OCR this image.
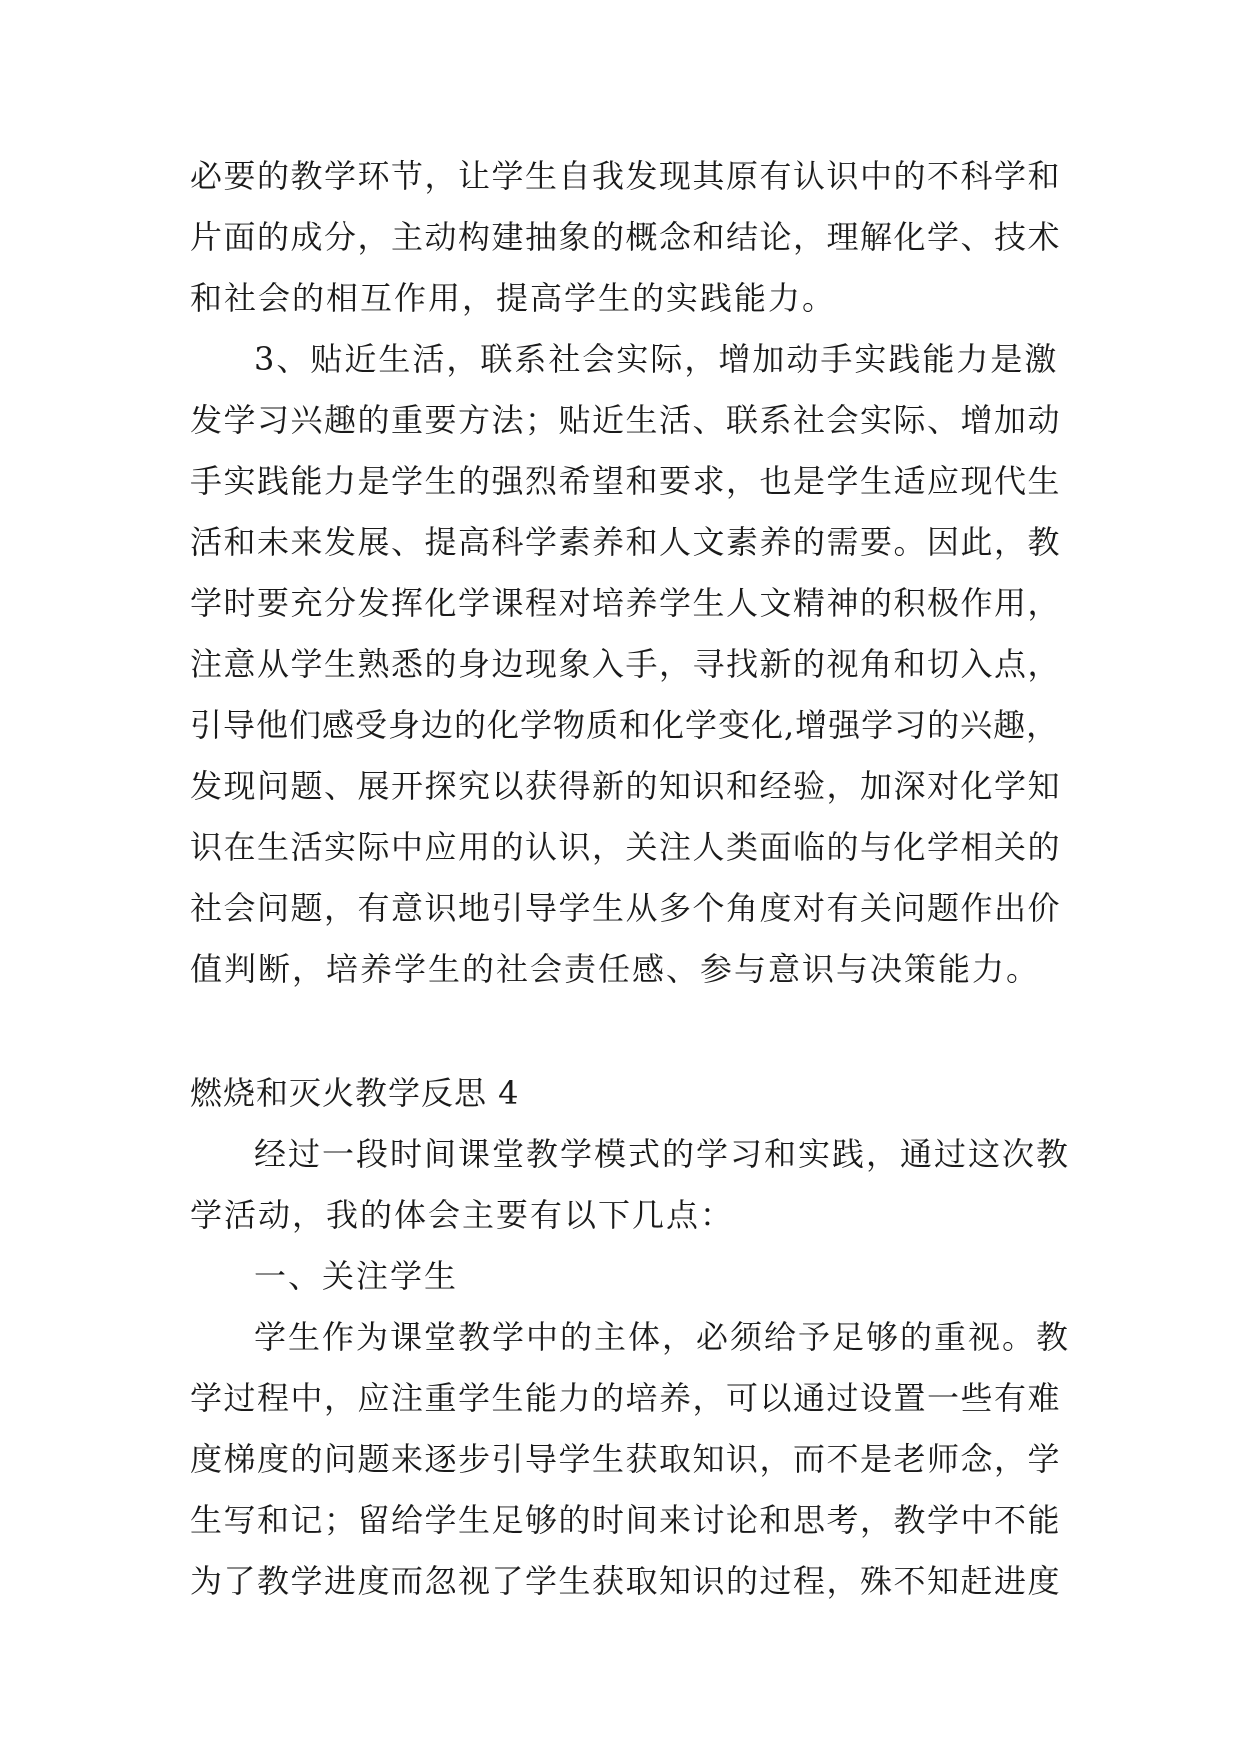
必要的教学环节，让学生自我发现其原有认识中的不科学和
片面的成分，主动构建抽象的概念和结论，理解化学、技术
和社会的相互作用，提高学生的实践能力。
3、贴近生活，联系社会实际，增加动手实践能力是激
发学习兴趣的重要方法；贴近生活、联系社会实际、增加动
手实践能力是学生的强烈希望和要求，也是学生适应现代生
活和未来发展、提高科学素养和人文素养的需要。因此，教
学时要充分发挥化学课程对培养学生人文精神的积极作用，
注意从学生熟悉的身边现象入手，寻找新的视角和切入点，
引导他们感受身边的化学物质和化学变化,增强学习的兴趣，
发现问题、展开探究以获得新的知识和经验，加深对化学知
识在生活实际中应用的认识，关注人类面临的与化学相关的
社会问题，有意识地引导学生从多个角度对有关问题作出价
值判断，培养学生的社会责任感、参与意识与决策能力。
燃烧和灭火教学反思 4
经过一段时间课堂教学模式的学习和实践，通过这次教
学活动，我的体会主要有以下几点：
一、关注学生
学生作为课堂教学中的主体，必须给予足够的重视。教
学过程中，应注重学生能力的培养，可以通过设置一些有难
度梯度的问题来逐步引导学生获取知识，而不是老师念，学
生写和记；留给学生足够的时间来讨论和思考，教学中不能
为了教学进度而忽视了学生获取知识的过程，殊不知赶进度
